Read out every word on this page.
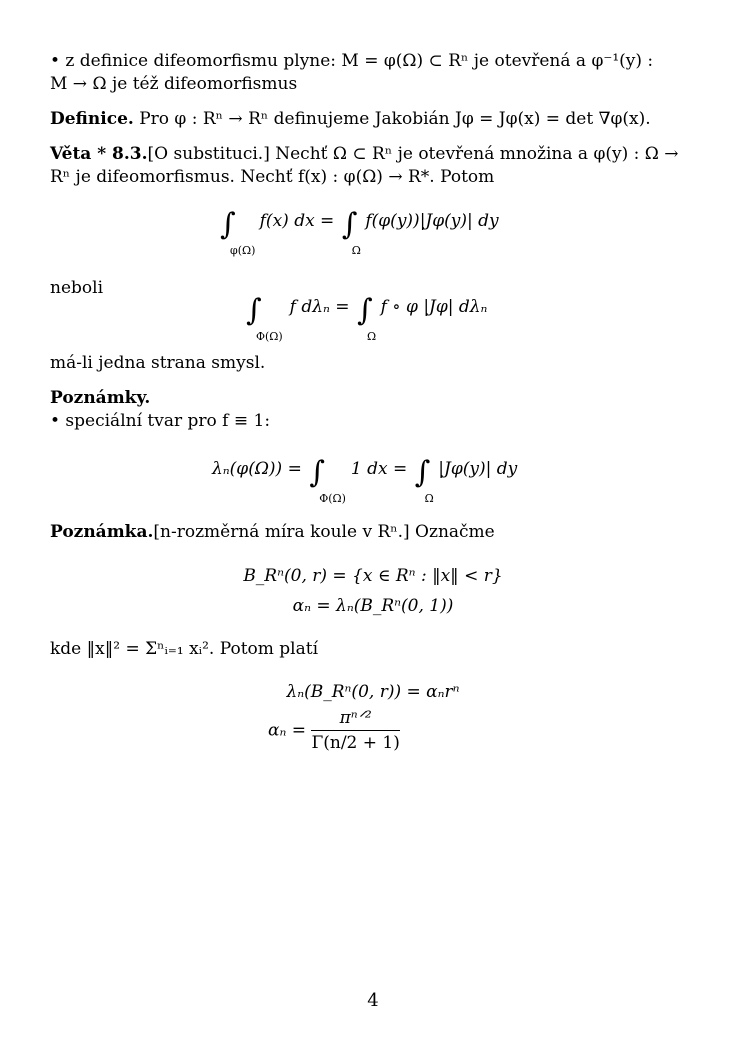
• z definice difeomorfismu plyne: M = φ(Ω) ⊂ Rⁿ je otevřená a φ⁻¹(y) :
M → Ω je též difeomorfismus
Definice. Pro φ : Rⁿ → Rⁿ definujeme Jakobián Jφ = Jφ(x) = det ∇φ(x).
Věta * 8.3.[O substituci.] Nechť Ω ⊂ Rⁿ je otevřená množina a φ(y) : Ω →
Rⁿ je difeomorfismus. Nechť f(x) : φ(Ω) → R*. Potom
∫
φ(Ω)
f(x) dx = ∫
Ω
f(φ(y))|Jφ(y)| dy
neboli
∫
Φ(Ω)
f dλₙ = ∫
Ω
f ∘ φ |Jφ| dλₙ
má-li jedna strana smysl.
Poznámky.
• speciální tvar pro f ≡ 1:
λₙ(φ(Ω)) = ∫
Φ(Ω)
1 dx = ∫
Ω
|Jφ(y)| dy
Poznámka.[n-rozměrná míra koule v Rⁿ.] Označme
B_Rⁿ(0, r) = {x ∈ Rⁿ : ‖x‖ < r}
αₙ = λₙ(B_Rⁿ(0, 1))
kde ‖x‖² = Σⁿᵢ₌₁ xᵢ². Potom platí
λₙ(B_Rⁿ(0, r)) = αₙrⁿ
$\alpha_n = \frac{\text{πⁿᐟ²}}{\Gamma(n/2 + 1)}$
4
